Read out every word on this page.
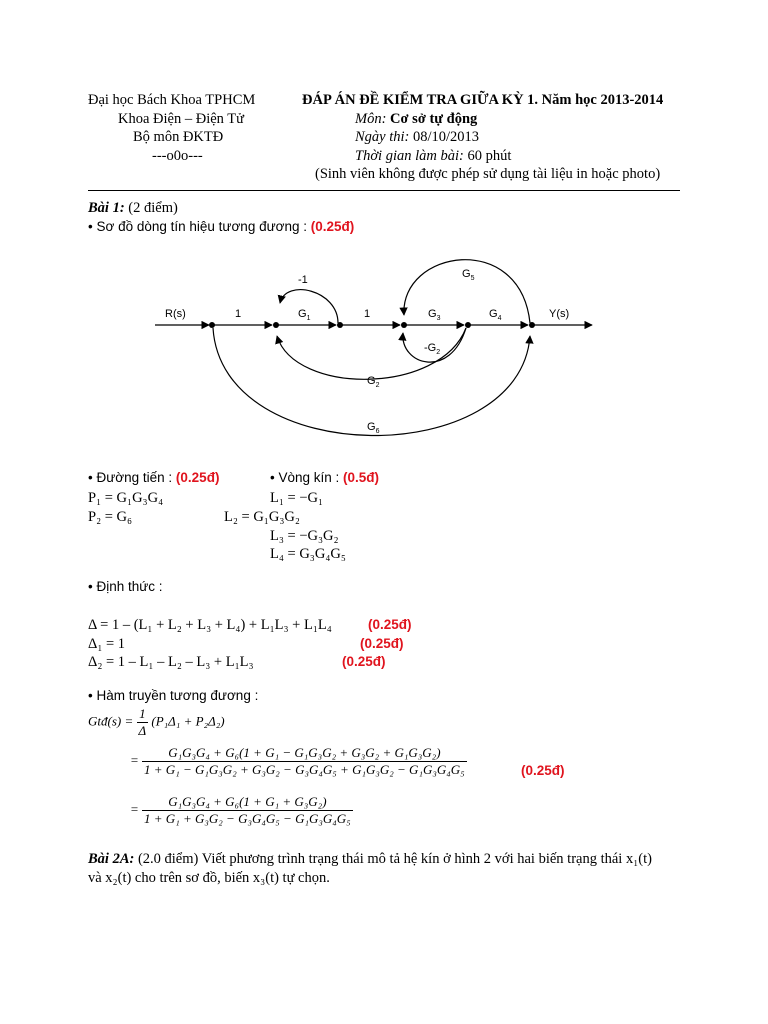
Đại học Bách Khoa TPHCM
Khoa Điện – Điện Tử
Bộ môn ĐKTĐ
---o0o---
ĐÁP ÁN ĐỀ KIỂM TRA GIỮA KỲ 1. Năm học 2013-2014
Môn: Cơ sở tự động
Ngày thi: 08/10/2013
Thời gian làm bài: 60 phút
(Sinh viên không được phép sử dụng tài liệu in hoặc photo)
Bài 1: (2 điểm)
• Sơ đồ dòng tín hiệu tương đương : (0.25đ)
R(s)	Y(s)
1	$G_1$	1	$G_3$	$G_4$
-1	$G_5$
$-G_2$
$G_2$
$G_6$
• Đường tiến : (0.25đ)	• Vòng kín : (0.5đ)
P₁ = G₁G₃G₄
P₂ = G₆
L₁ = −G₁
L₂ = G₁G₃G₂
L₃ = −G₃G₂
L₄ = G₃G₄G₅
• Định thức :
Δ = 1 – (L₁ + L₂ + L₃ + L₄) + L₁L₃ + L₁L₄	(0.25đ)
Δ₁ = 1	(0.25đ)
Δ₂ = 1 – L₁ – L₂ – L₃ + L₁L₃	(0.25đ)
• Hàm truyền tương đương :
Gtđ(s) = $\frac{1}{\Delta} (P_1\Delta_1 + P_2\Delta_2)$
= $\frac{\text{G₁G₃G₄ + G₆(1 + G₁ − G₁G₃G₂ + G₃G₂ + G₁G₃G₂)}}{\text{1 + G₁ − G₁G₃G₂ + G₃G₂ − G₃G₄G₅ + G₁G₃G₂ − G₁G₃G₄G₅}}$	(0.25đ)
= $\frac{\text{G₁G₃G₄ + G₆(1 + G₁ + G₃G₂)}}{\text{1 + G₁ + G₃G₂ − G₃G₄G₅ − G₁G₃G₄G₅}}$
Bài 2A: (2.0 điểm) Viết phương trình trạng thái mô tả hệ kín ở hình 2 với hai biến trạng thái x₁(t)
và x₂(t) cho trên sơ đồ, biến x₃(t) tự chọn.
